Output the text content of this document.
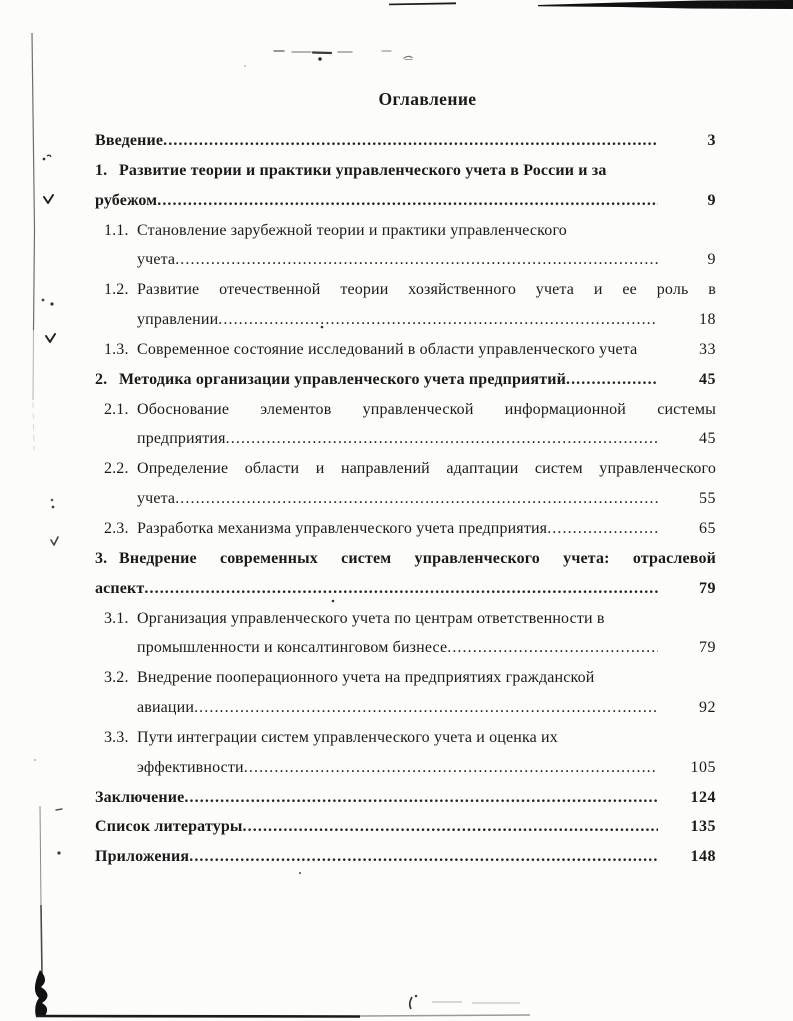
Оглавление
Введение .....	3
1. Развитие теории и практики управленческого учета в России и за
рубежом .....	9
1.1. Становление зарубежной теории и практики управленческого
учета .....	9
1.2. Развитие отечественной теории хозяйственного учета и ее роль в
управлении .....	18
1.3. Современное состояние исследований в области управленческого учета	33
2. Методика организации управленческого учета предприятий .....	45
2.1. Обоснование элементов управленческой информационной системы
предприятия .....	45
2.2. Определение области и направлений адаптации систем управленческого
учета .....	55
2.3. Разработка механизма управленческого учета предприятия .....	65
3. Внедрение современных систем управленческого учета: отраслевой
аспект .....	79
3.1. Организация управленческого учета по центрам ответственности в
промышленности и консалтинговом бизнесе .....	79
3.2. Внедрение пооперационного учета на предприятиях гражданской
авиации .....	92
3.3. Пути интеграции систем управленческого учета и оценка их
эффективности .....	105
Заключение .....	124
Список литературы .....	135
Приложения .....	148
